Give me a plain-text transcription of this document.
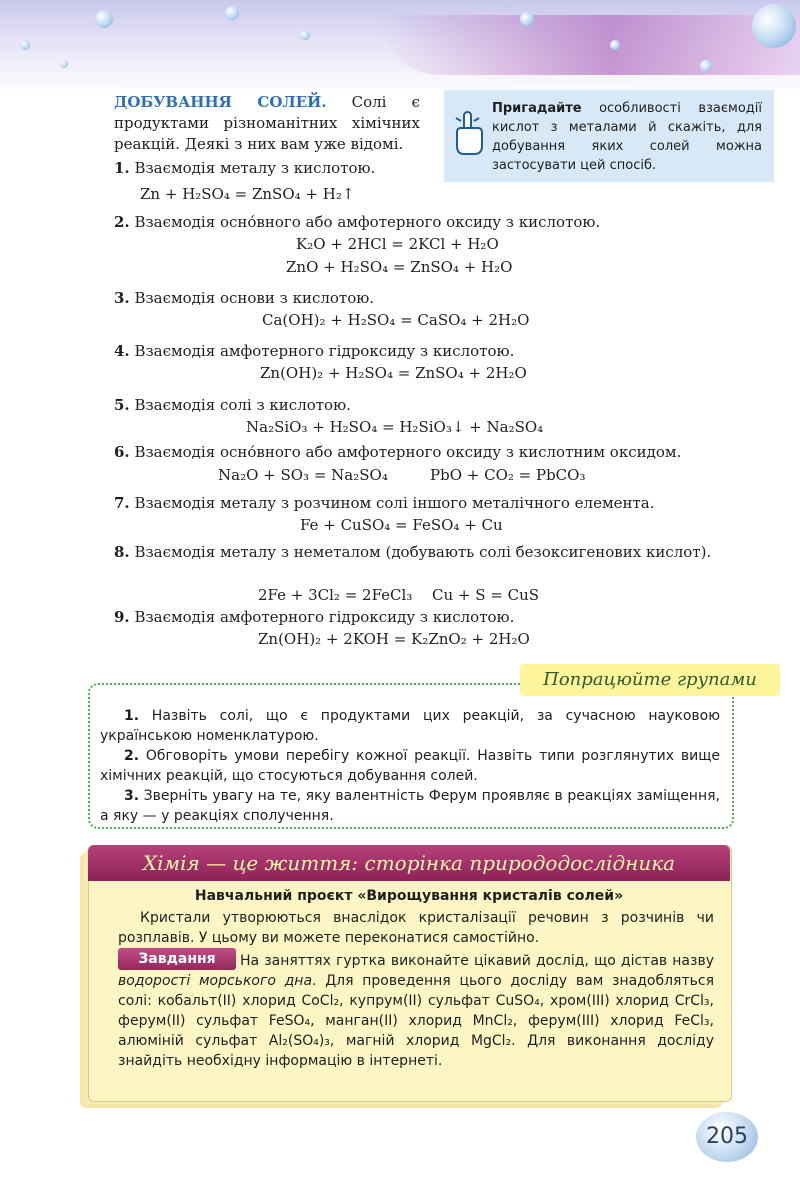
ДОБУВАННЯ СОЛЕЙ. Солі є продуктами різноманітних хімічних реакцій. Деякі з них вам уже відомі.
Пригадайте особливості взаємодії кислот з металами й скажіть, для добування яких солей можна застосувати цей спосіб.
1. Взаємодія металу з кислотою.
Zn + H₂SO₄ = ZnSO₄ + H₂↑
2. Взаємодія осно́вного або амфотерного оксиду з кислотою.
K₂O + 2HCl = 2KCl + H₂O
ZnO + H₂SO₄ = ZnSO₄ + H₂O
3. Взаємодія основи з кислотою.
Ca(OH)₂ + H₂SO₄ = CaSO₄ + 2H₂O
4. Взаємодія амфотерного гідроксиду з кислотою.
Zn(OH)₂ + H₂SO₄ = ZnSO₄ + 2H₂O
5. Взаємодія солі з кислотою.
Na₂SiO₃ + H₂SO₄ = H₂SiO₃↓ + Na₂SO₄
6. Взаємодія осно́вного або амфотерного оксиду з кислотним оксидом.
Na₂O + SO₃ = Na₂SO₄	PbO + CO₂ = PbCO₃
7. Взаємодія металу з розчином солі іншого металічного елемента.
Fe + CuSO₄ = FeSO₄ + Cu
8. Взаємодія металу з неметалом (добувають солі безоксигенових кислот).
2Fe + 3Cl₂ = 2FeCl₃ Cu + S = CuS
9. Взаємодія амфотерного гідроксиду з кислотою.
Zn(OH)₂ + 2KOH = K₂ZnO₂ + 2H₂O
Попрацюйте групами
1. Назвіть солі, що є продуктами цих реакцій, за сучасною науковою українською номенклатурою.
2. Обговоріть умови перебігу кожної реакції. Назвіть типи розглянутих вище хімічних реакцій, що стосуються добування солей.
3. Зверніть увагу на те, яку валентність Ферум проявляє в реакціях заміщення, а яку — у реакціях сполучення.
Хімія — це життя: сторінка природодослідника
Навчальний проєкт «Вирощування кристалів солей»
Кристали утворюються внаслідок кристалізації речовин з розчинів чи розплавів. У цьому ви можете переконатися самостійно.
Завдання	На заняттях гуртка виконайте цікавий дослід, що дістав назву водорості морського дна. Для проведення цього досліду вам знадобляться солі: кобальт(ІІ) хлорид CoCl₂, купрум(ІІ) сульфат CuSO₄, хром(ІІІ) хлорид CrCl₃, ферум(ІІ) сульфат FeSO₄, манган(ІІ) хлорид MnCl₂, ферум(ІІІ) хлорид FeCl₃, алюміній сульфат Al₂(SO₄)₃, магній хлорид MgCl₂. Для виконання досліду знайдіть необхідну інформацію в інтернеті.
205
